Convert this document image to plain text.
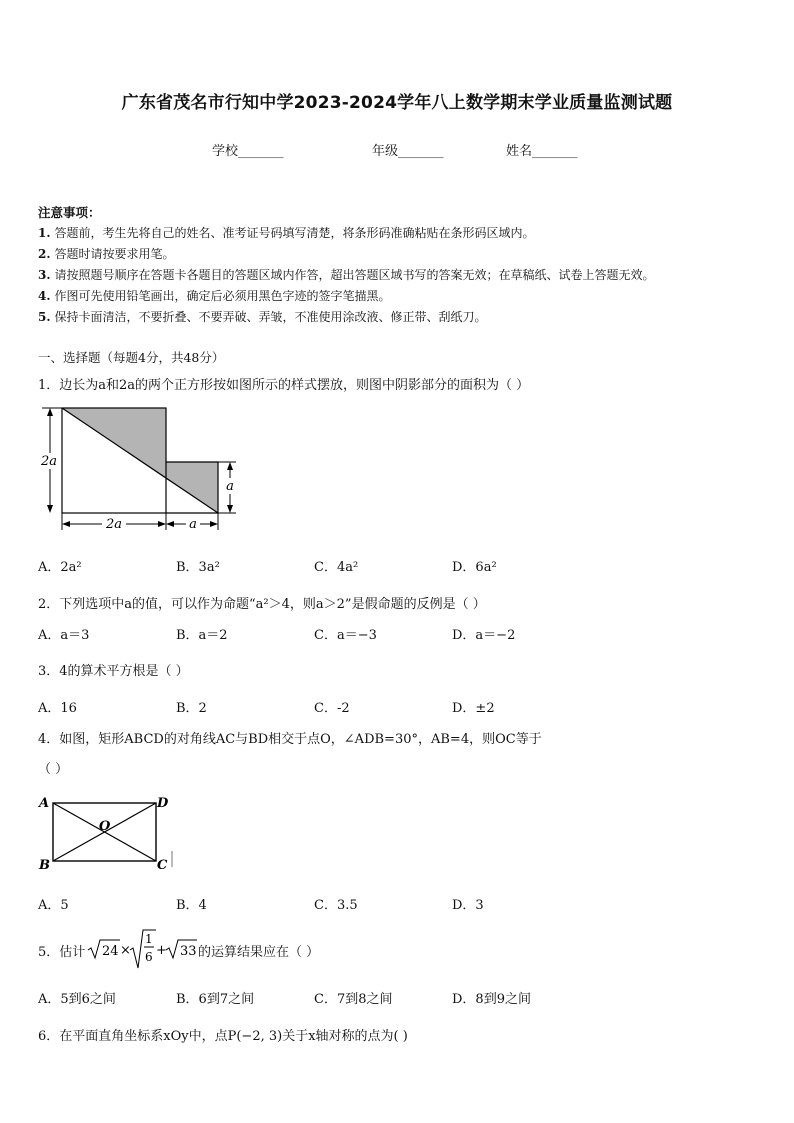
广东省茂名市行知中学2023-2024学年八上数学期末学业质量监测试题
学校_______	年级_______	姓名_______
注意事项：
1. 答题前，考生先将自己的姓名、准考证号码填写清楚，将条形码准确粘贴在条形码区域内。
2. 答题时请按要求用笔。
3. 请按照题号顺序在答题卡各题目的答题区域内作答，超出答题区域书写的答案无效；在草稿纸、试卷上答题无效。
4. 作图可先使用铅笔画出，确定后必须用黑色字迹的签字笔描黑。
5. 保持卡面清洁，不要折叠、不要弄破、弄皱，不准使用涂改液、修正带、刮纸刀。
一、选择题（每题4分，共48分）
1．边长为a和2a的两个正方形按如图所示的样式摆放，则图中阴影部分的面积为（ ）
2a
2a	a
a
A．2a²	B．3a²	C．4a²	D．6a²
2．下列选项中a的值，可以作为命题“a²＞4，则a＞2”是假命题的反例是（ ）
A．a＝3	B．a＝2	C．a＝−3	D．a＝−2
3．4的算术平方根是（ ）
A．16	B．2	C．-2	D．±2
4．如图，矩形ABCD的对角线AC与BD相交于点O，∠ADB=30°，AB=4，则OC等于
（ ）
A	D
B	C
O
A．5	B．4	C．3.5	D．3
5．估计 24 ×
1
6 + 33 的运算结果应在（ ）
A．5到6之间	B．6到7之间	C．7到8之间	D．8到9之间
6．在平面直角坐标系xOy中，点P(−2, 3)关于x轴对称的点为( )
